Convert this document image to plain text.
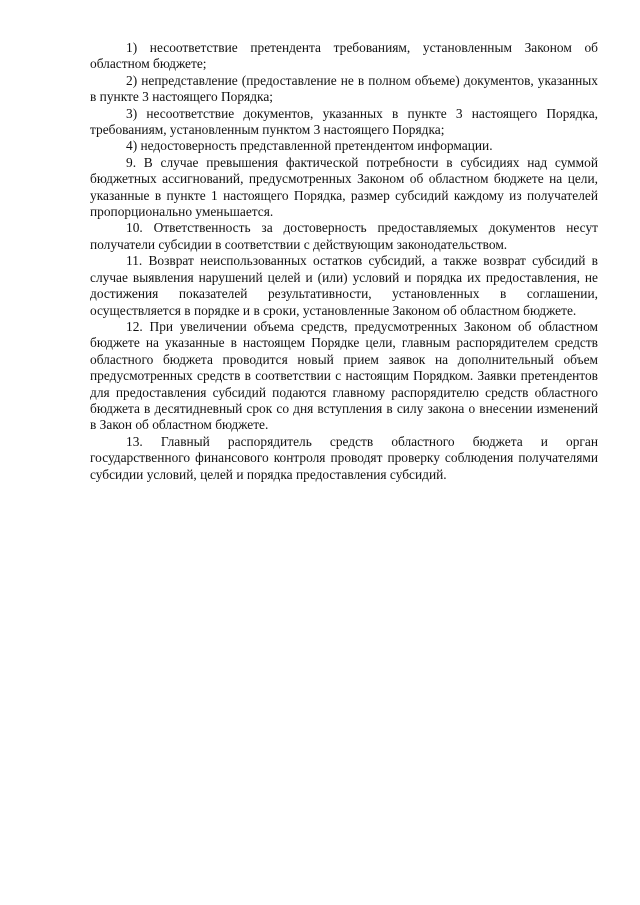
1) несоответствие претендента требованиям, установленным Законом об областном бюджете;

2) непредставление (предоставление не в полном объеме) документов, указанных в пункте 3 настоящего Порядка;

3) несоответствие документов, указанных в пункте 3 настоящего Порядка, требованиям, установленным пунктом 3 настоящего Порядка;

4) недостоверность представленной претендентом информации.

9. В случае превышения фактической потребности в субсидиях над суммой бюджетных ассигнований, предусмотренных Законом об областном бюджете на цели, указанные в пункте 1 настоящего Порядка, размер субсидий каждому из получателей пропорционально уменьшается.

10. Ответственность за достоверность предоставляемых документов несут получатели субсидии в соответствии с действующим законодательством.

11. Возврат неиспользованных остатков субсидий, а также возврат субсидий в случае выявления нарушений целей и (или) условий и порядка их предоставления, не достижения показателей результативности, установленных в соглашении, осуществляется в порядке и в сроки, установленные Законом об областном бюджете.

12. При увеличении объема средств, предусмотренных Законом об областном бюджете на указанные в настоящем Порядке цели, главным распорядителем средств областного бюджета проводится новый прием заявок на дополнительный объем предусмотренных средств в соответствии с настоящим Порядком. Заявки претендентов для предоставления субсидий подаются главному распорядителю средств областного бюджета в десятидневный срок со дня вступления в силу закона о внесении изменений в Закон об областном бюджете.

13. Главный распорядитель средств областного бюджета и орган государственного финансового контроля проводят проверку соблюдения получателями субсидии условий, целей и порядка предоставления субсидий.
